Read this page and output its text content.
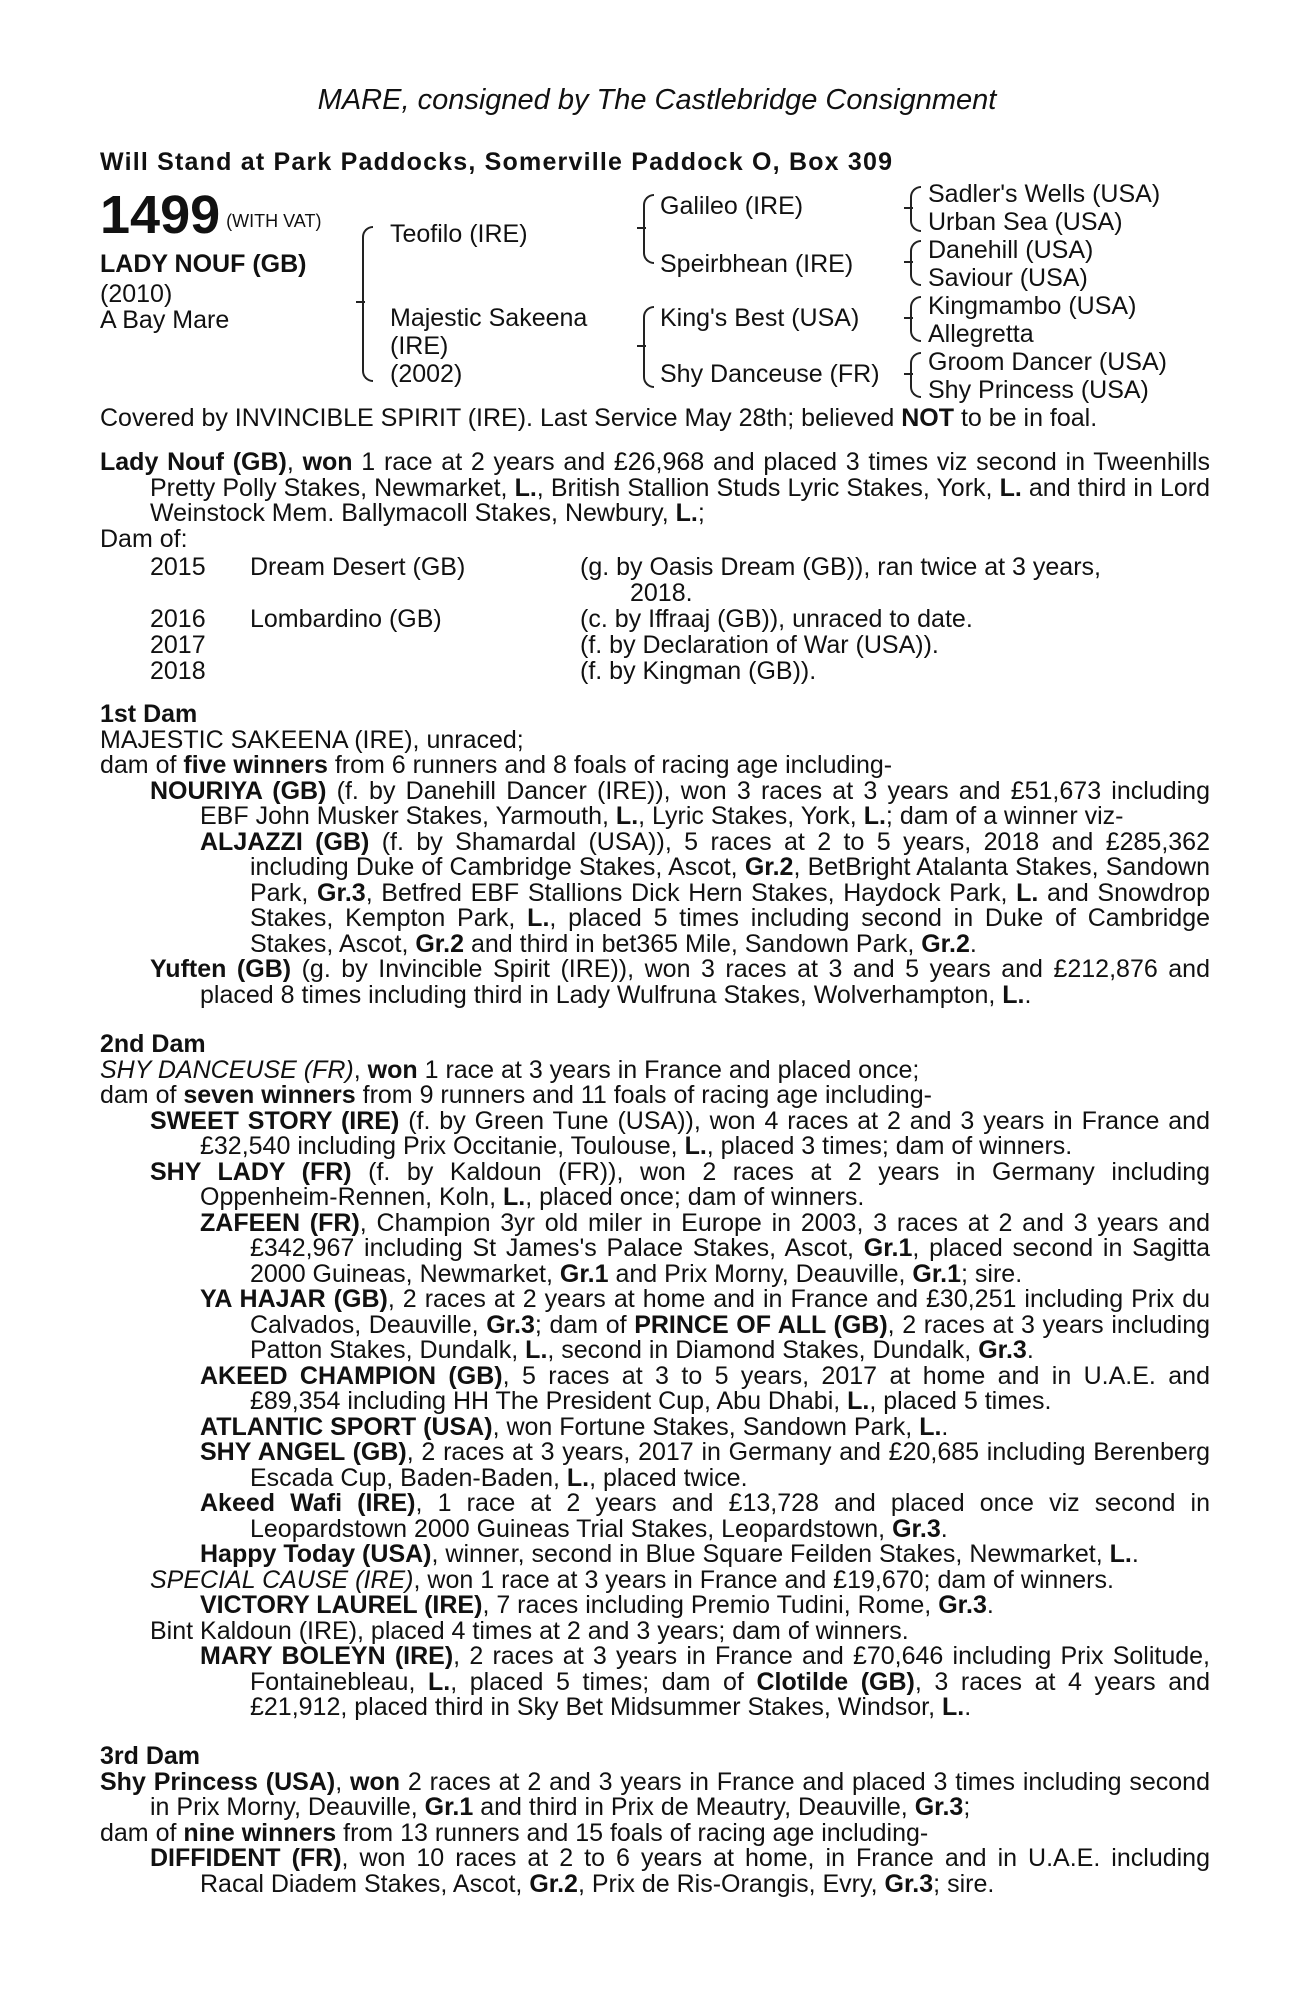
MARE, consigned by The Castlebridge Consignment
Will Stand at Park Paddocks, Somerville Paddock O, Box 309
1499 (WITH VAT)
LADY NOUF (GB)
(2010)
A Bay Mare
Teofilo (IRE)
Majestic Sakeena
(IRE)
(2002)
Galileo (IRE)
Speirbhean (IRE)
King's Best (USA)
Shy Danceuse (FR)
Sadler's Wells (USA)
Urban Sea (USA)
Danehill (USA)
Saviour (USA)
Kingmambo (USA)
Allegretta
Groom Dancer (USA)
Shy Princess (USA)
Covered by INVINCIBLE SPIRIT (IRE). Last Service May 28th; believed NOT to be in foal.

Lady Nouf (GB), won 1 race at 2 years and £26,968 and placed 3 times viz second in Tweenhills Pretty Polly Stakes, Newmarket, L., British Stallion Studs Lyric Stakes, York, L. and third in Lord Weinstock Mem. Ballymacoll Stakes, Newbury, L.;

Dam of:

2015 Dream Desert (GB)	(g. by Oasis Dream (GB)), ran twice at 3 years,
2018.
2016 Lombardino (GB)	(c. by Iffraaj (GB)), unraced to date.
2017	(f. by Declaration of War (USA)).
2018	(f. by Kingman (GB)).

1st Dam

MAJESTIC SAKEENA (IRE), unraced;

dam of five winners from 6 runners and 8 foals of racing age including-

NOURIYA (GB) (f. by Danehill Dancer (IRE)), won 3 races at 3 years and £51,673 including EBF John Musker Stakes, Yarmouth, L., Lyric Stakes, York, L.; dam of a winner viz-

ALJAZZI (GB) (f. by Shamardal (USA)), 5 races at 2 to 5 years, 2018 and £285,362 including Duke of Cambridge Stakes, Ascot, Gr.2, BetBright Atalanta Stakes, Sandown Park, Gr.3, Betfred EBF Stallions Dick Hern Stakes, Haydock Park, L. and Snowdrop Stakes, Kempton Park, L., placed 5 times including second in Duke of Cambridge Stakes, Ascot, Gr.2 and third in bet365 Mile, Sandown Park, Gr.2.

Yuften (GB) (g. by Invincible Spirit (IRE)), won 3 races at 3 and 5 years and £212,876 and placed 8 times including third in Lady Wulfruna Stakes, Wolverhampton, L..

2nd Dam

SHY DANCEUSE (FR), won 1 race at 3 years in France and placed once;

dam of seven winners from 9 runners and 11 foals of racing age including-

SWEET STORY (IRE) (f. by Green Tune (USA)), won 4 races at 2 and 3 years in France and £32,540 including Prix Occitanie, Toulouse, L., placed 3 times; dam of winners.

SHY LADY (FR) (f. by Kaldoun (FR)), won 2 races at 2 years in Germany including Oppenheim-Rennen, Koln, L., placed once; dam of winners.

ZAFEEN (FR), Champion 3yr old miler in Europe in 2003, 3 races at 2 and 3 years and £342,967 including St James's Palace Stakes, Ascot, Gr.1, placed second in Sagitta 2000 Guineas, Newmarket, Gr.1 and Prix Morny, Deauville, Gr.1; sire.

YA HAJAR (GB), 2 races at 2 years at home and in France and £30,251 including Prix du Calvados, Deauville, Gr.3; dam of PRINCE OF ALL (GB), 2 races at 3 years including Patton Stakes, Dundalk, L., second in Diamond Stakes, Dundalk, Gr.3.

AKEED CHAMPION (GB), 5 races at 3 to 5 years, 2017 at home and in U.A.E. and £89,354 including HH The President Cup, Abu Dhabi, L., placed 5 times.

ATLANTIC SPORT (USA), won Fortune Stakes, Sandown Park, L..

SHY ANGEL (GB), 2 races at 3 years, 2017 in Germany and £20,685 including Berenberg Escada Cup, Baden-Baden, L., placed twice.

Akeed Wafi (IRE), 1 race at 2 years and £13,728 and placed once viz second in Leopardstown 2000 Guineas Trial Stakes, Leopardstown, Gr.3.

Happy Today (USA), winner, second in Blue Square Feilden Stakes, Newmarket, L..

SPECIAL CAUSE (IRE), won 1 race at 3 years in France and £19,670; dam of winners.

VICTORY LAUREL (IRE), 7 races including Premio Tudini, Rome, Gr.3.

Bint Kaldoun (IRE), placed 4 times at 2 and 3 years; dam of winners.

MARY BOLEYN (IRE), 2 races at 3 years in France and £70,646 including Prix Solitude, Fontainebleau, L., placed 5 times; dam of Clotilde (GB), 3 races at 4 years and £21,912, placed third in Sky Bet Midsummer Stakes, Windsor, L..

3rd Dam

Shy Princess (USA), won 2 races at 2 and 3 years in France and placed 3 times including second in Prix Morny, Deauville, Gr.1 and third in Prix de Meautry, Deauville, Gr.3;

dam of nine winners from 13 runners and 15 foals of racing age including-

DIFFIDENT (FR), won 10 races at 2 to 6 years at home, in France and in U.A.E. including Racal Diadem Stakes, Ascot, Gr.2, Prix de Ris-Orangis, Evry, Gr.3; sire.
